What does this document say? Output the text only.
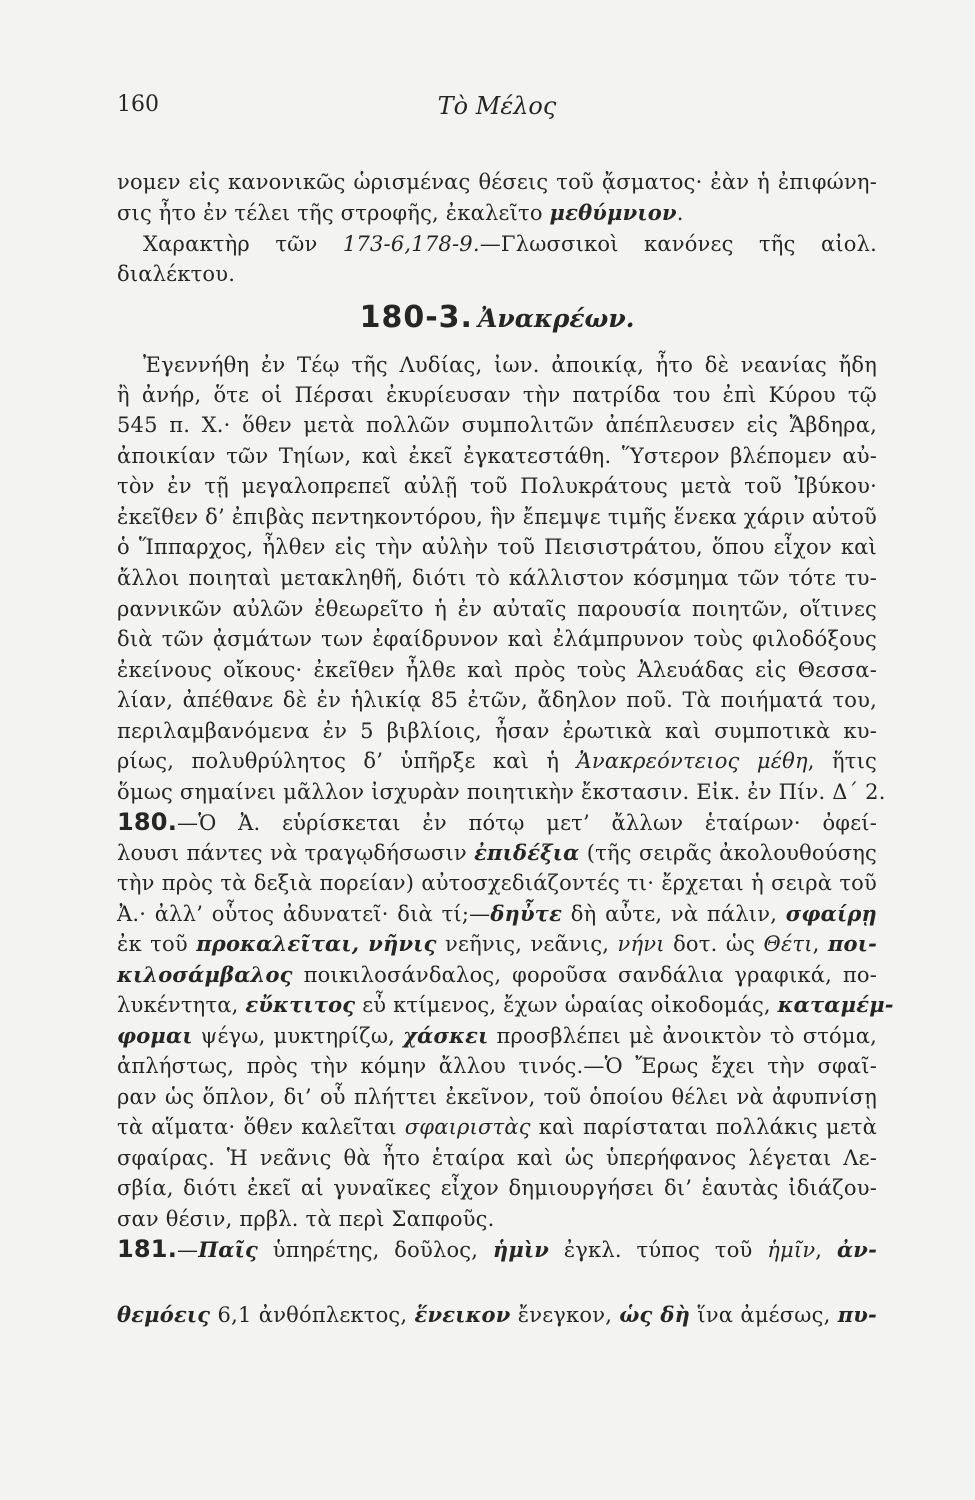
160	Τὸ Μέλος
180-3. Ἀνακρέων.
νομεν εἰς κανονικῶς ὡρισμένας θέσεις τοῦ ᾄσματος· ἐὰν ἡ ἐπιφώνη-
σις ἦτο ἐν τέλει τῆς στροφῆς, ἐκαλεῖτο μεθύμνιον.
Χαρακτὴρ τῶν 173-6,178-9.—Γλωσσικοὶ κανόνες τῆς αἰολ.
διαλέκτου.
Ἐγεννήθη ἐν Τέῳ τῆς Λυδίας, ἰων. ἀποικίᾳ, ἦτο δὲ νεανίας ἤδη
ἢ ἀνήρ, ὅτε οἱ Πέρσαι ἐκυρίευσαν τὴν πατρίδα του ἐπὶ Κύρου τῷ
545 π. Χ.· ὅθεν μετὰ πολλῶν συμπολιτῶν ἀπέπλευσεν εἰς Ἄβδηρα,
ἀποικίαν τῶν Τηίων, καὶ ἐκεῖ ἐγκατεστάθη. Ὕστερον βλέπομεν αὐ-
τὸν ἐν τῇ μεγαλοπρεπεῖ αὐλῇ τοῦ Πολυκράτους μετὰ τοῦ Ἰβύκου·
ἐκεῖθεν δ’ ἐπιβὰς πεντηκοντόρου, ἣν ἔπεμψε τιμῆς ἕνεκα χάριν αὐτοῦ
ὁ Ἵππαρχος, ἦλθεν εἰς τὴν αὐλὴν τοῦ Πεισιστράτου, ὅπου εἶχον καὶ
ἄλλοι ποιηταὶ μετακληθῆ, διότι τὸ κάλλιστον κόσμημα τῶν τότε τυ-
ραννικῶν αὐλῶν ἐθεωρεῖτο ἡ ἐν αὐταῖς παρουσία ποιητῶν, οἵτινες
διὰ τῶν ᾀσμάτων των ἐφαίδρυνον καὶ ἐλάμπρυνον τοὺς φιλοδόξους
ἐκείνους οἴκους· ἐκεῖθεν ἦλθε καὶ πρὸς τοὺς Ἀλευάδας εἰς Θεσσα-
λίαν, ἀπέθανε δὲ ἐν ἡλικίᾳ 85 ἐτῶν, ἄδηλον ποῦ. Τὰ ποιήματά του,
περιλαμβανόμενα ἐν 5 βιβλίοις, ἦσαν ἐρωτικὰ καὶ συμποτικὰ κυ-
ρίως, πολυθρύλητος δ’ ὑπῆρξε καὶ ἡ Ἀνακρεόντειος μέθη, ἥτις
ὅμως σημαίνει μᾶλλον ἰσχυρὰν ποιητικὴν ἔκστασιν. Εἰκ. ἐν Πίν. Δ΄ 2.
180.—Ὁ Ἀ. εὑρίσκεται ἐν πότῳ μετ’ ἄλλων ἑταίρων· ὀφεί-
λουσι πάντες νὰ τραγῳδήσωσιν ἐπιδέξια (τῆς σειρᾶς ἀκολουθούσης
τὴν πρὸς τὰ δεξιὰ πορείαν) αὐτοσχεδιάζοντές τι· ἔρχεται ἡ σειρὰ τοῦ
Ἀ.· ἀλλ’ οὗτος ἀδυνατεῖ· διὰ τί;—δηὖτε δὴ αὖτε, νὰ πάλιν, σφαίρῃ
ἐκ τοῦ προκαλεῖται, νῆνις νεῆνις, νεᾶνις, νήνι δοτ. ὡς Θέτι, ποι-
κιλοσάμβαλος ποικιλοσάνδαλος, φοροῦσα σανδάλια γραφικά, πο-
λυκέντητα, εὔκτιτος εὖ κτίμενος, ἔχων ὡραίας οἰκοδομάς, καταμέμ-
φομαι ψέγω, μυκτηρίζω, χάσκει προσβλέπει μὲ ἀνοικτὸν τὸ στόμα,
ἀπλήστως, πρὸς τὴν κόμην ἄλλου τινός.—Ὁ Ἔρως ἔχει τὴν σφαῖ-
ραν ὡς ὅπλον, δι’ οὗ πλήττει ἐκεῖνον, τοῦ ὁποίου θέλει νὰ ἀφυπνίσῃ
τὰ αἵματα· ὅθεν καλεῖται σφαιριστὰς καὶ παρίσταται πολλάκις μετὰ
σφαίρας. Ἡ νεᾶνις θὰ ἦτο ἑταίρα καὶ ὡς ὑπερήφανος λέγεται Λε-
σβία, διότι ἐκεῖ αἱ γυναῖκες εἶχον δημιουργήσει δι’ ἑαυτὰς ἰδιάζου-
σαν θέσιν, πρβλ. τὰ περὶ Σαπφοῦς.
181.—Παῖς ὑπηρέτης, δοῦλος, ἡμὶν ἐγκλ. τύπος τοῦ ἡμῖν, ἀν-
θεμόεις 6,1 ἀνθόπλεκτος, ἕνεικον ἔνεγκον, ὡς δὴ ἵνα ἀμέσως, πυ-
